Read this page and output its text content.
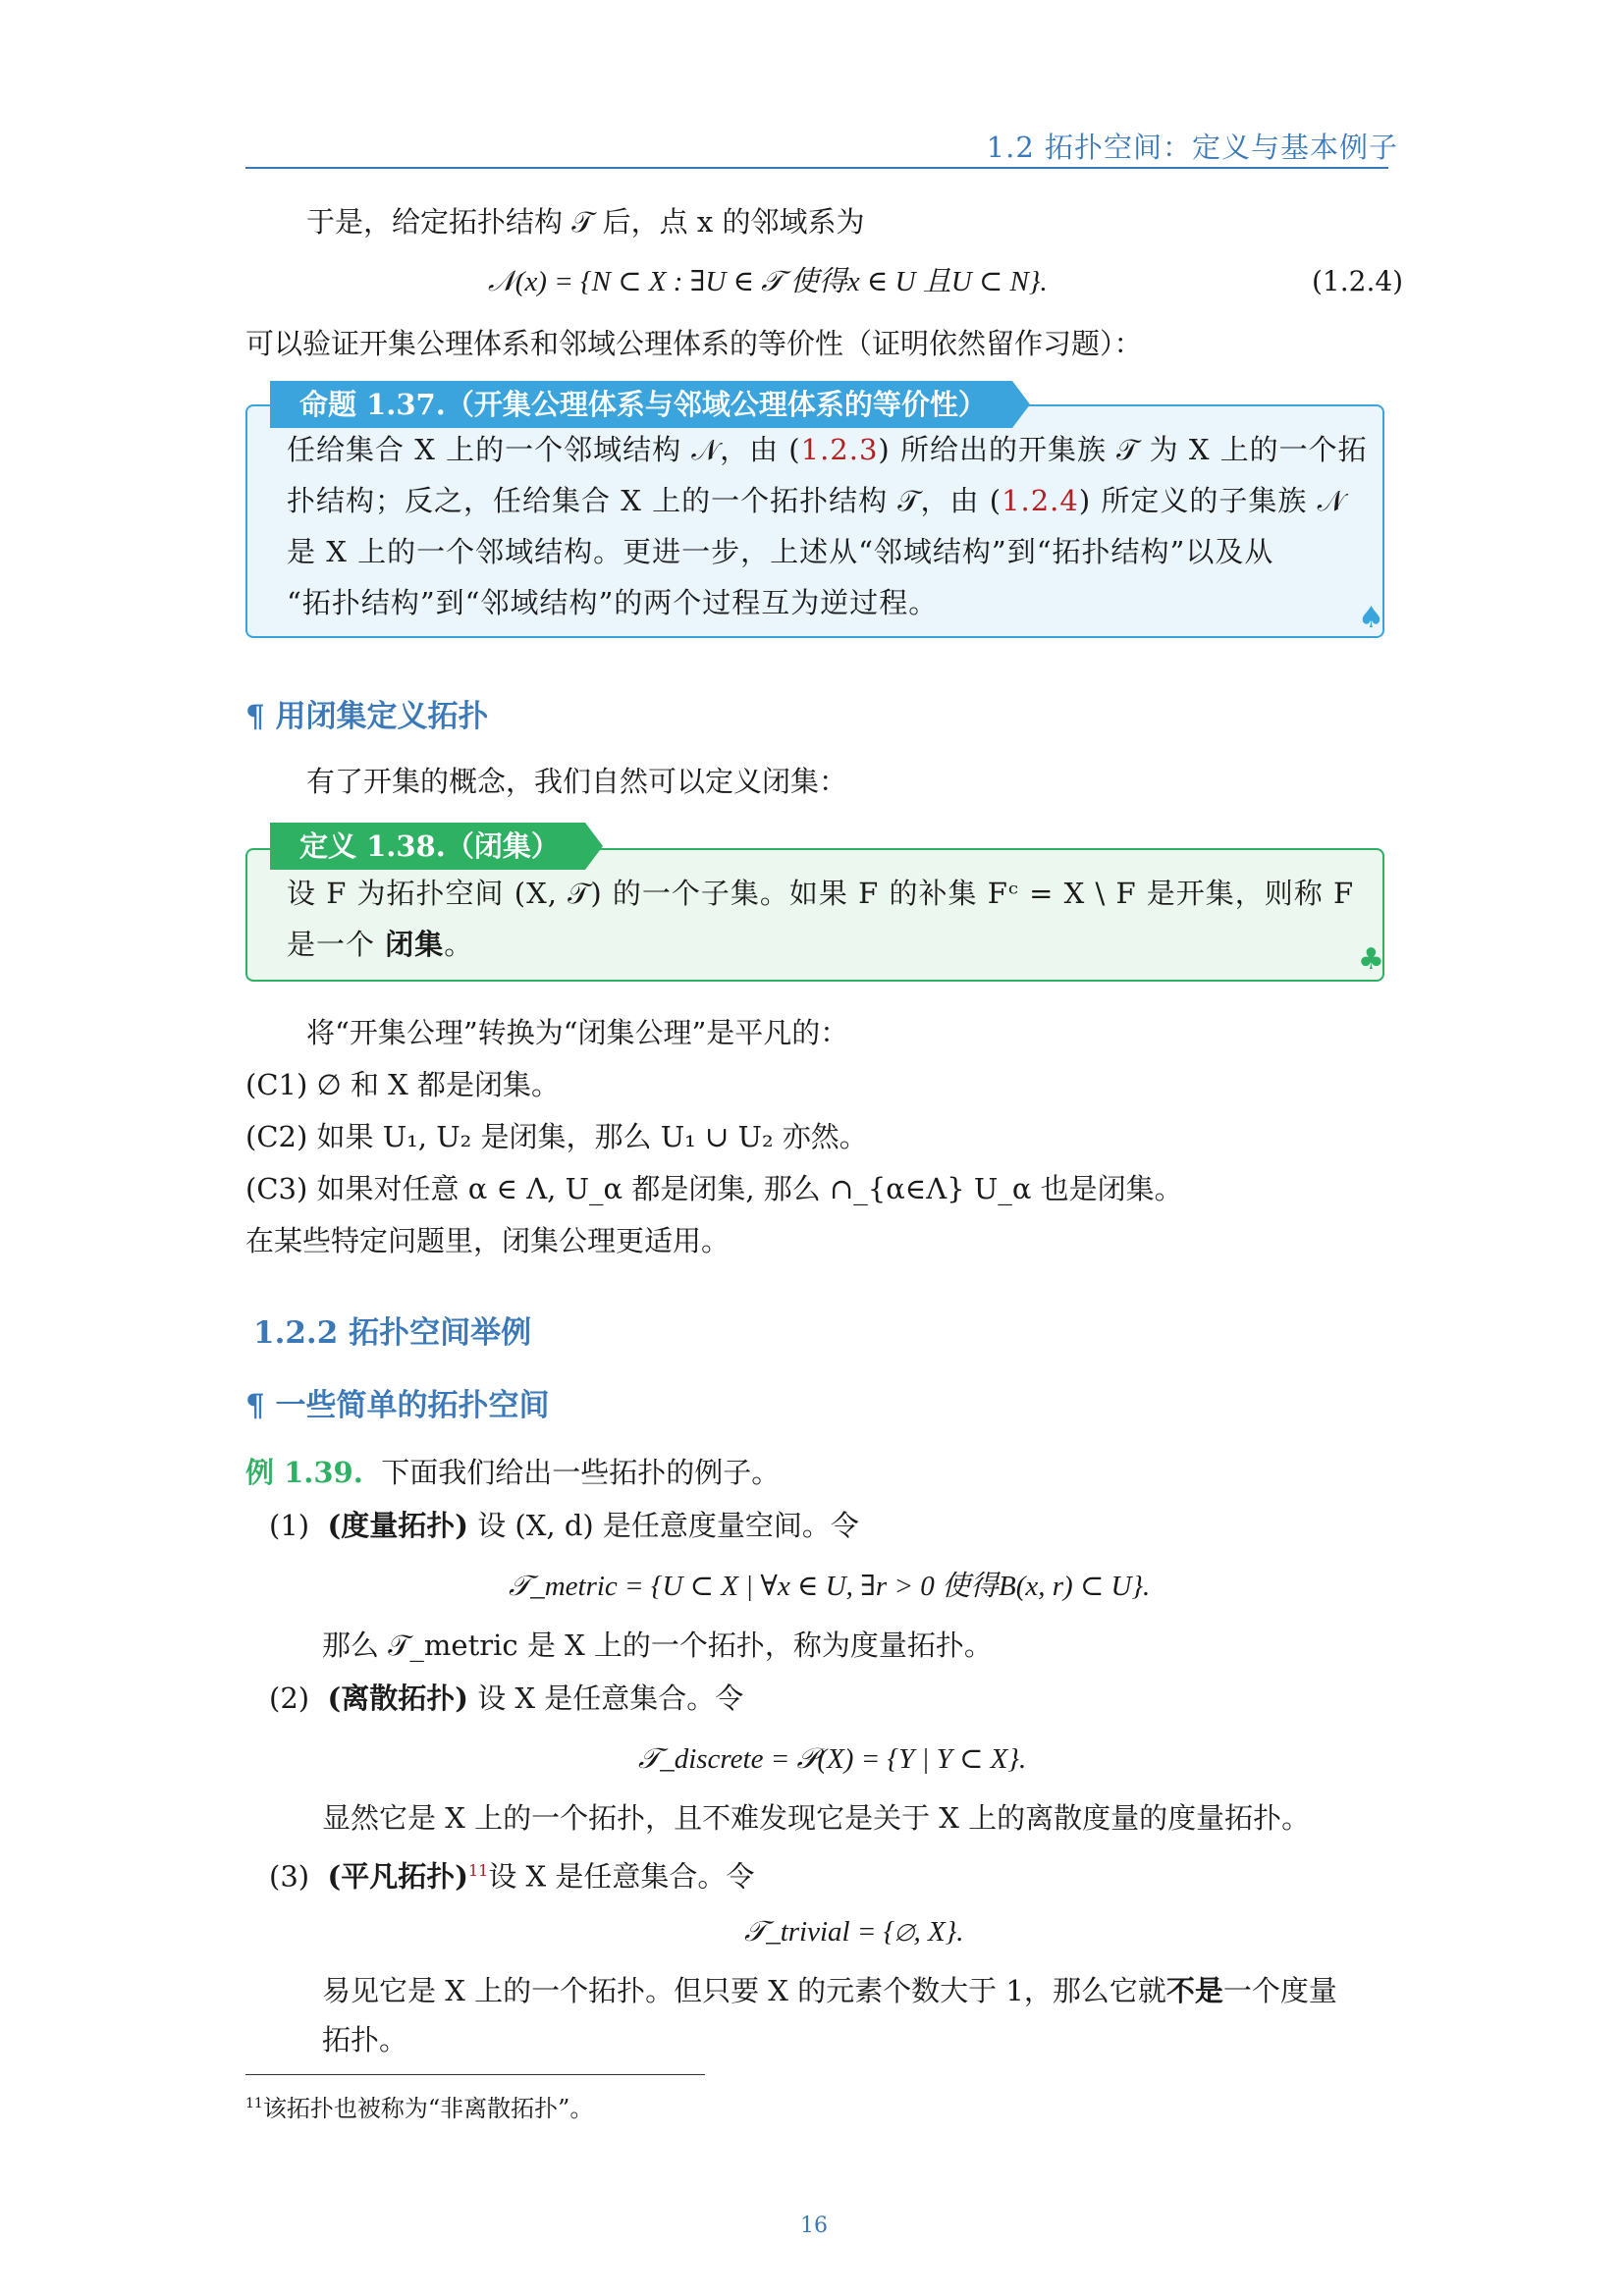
1.2 拓扑空间：定义与基本例子
于是，给定拓扑结构 𝒯 后，点 x 的邻域系为
𝒩(x) = {N ⊂ X : ∃U ∈ 𝒯 使得x ∈ U 且U ⊂ N}.	(1.2.4)
可以验证开集公理体系和邻域公理体系的等价性（证明依然留作习题）：
命题 1.37.（开集公理体系与邻域公理体系的等价性）
任给集合 X 上的一个邻域结构 𝒩，由 (1.2.3) 所给出的开集族 𝒯 为 X 上的一个拓
扑结构；反之，任给集合 X 上的一个拓扑结构 𝒯，由 (1.2.4) 所定义的子集族 𝒩
是 X 上的一个邻域结构。更进一步，上述从“邻域结构”到“拓扑结构”以及从
“拓扑结构”到“邻域结构”的两个过程互为逆过程。	♠
¶ 用闭集定义拓扑
有了开集的概念，我们自然可以定义闭集：
定义 1.38.（闭集）
设 F 为拓扑空间 (X, 𝒯) 的一个子集。如果 F 的补集 Fᶜ = X \ F 是开集，则称 F
是一个 闭集。	♣
将“开集公理”转换为“闭集公理”是平凡的：
(C1) ∅ 和 X 都是闭集。
(C2) 如果 U₁, U₂ 是闭集，那么 U₁ ∪ U₂ 亦然。
(C3) 如果对任意 α ∈ Λ, U_α 都是闭集, 那么 ∩_{α∈Λ} U_α 也是闭集。
在某些特定问题里，闭集公理更适用。
1.2.2 拓扑空间举例
¶ 一些简单的拓扑空间
例 1.39. 下面我们给出一些拓扑的例子。
(1) (度量拓扑) 设 (X, d) 是任意度量空间。令
𝒯_metric = {U ⊂ X | ∀x ∈ U, ∃r > 0 使得B(x, r) ⊂ U}.
那么 𝒯_metric 是 X 上的一个拓扑，称为度量拓扑。
(2) (离散拓扑) 设 X 是任意集合。令
𝒯_discrete = 𝒫(X) = {Y | Y ⊂ X}.
显然它是 X 上的一个拓扑，且不难发现它是关于 X 上的离散度量的度量拓扑。
(3) (平凡拓扑)$^{11}$设 X 是任意集合。令
𝒯_trivial = {∅, X}.
易见它是 X 上的一个拓扑。但只要 X 的元素个数大于 1，那么它就不是一个度量
拓扑。
$^{11}$该拓扑也被称为“非离散拓扑”。
16
